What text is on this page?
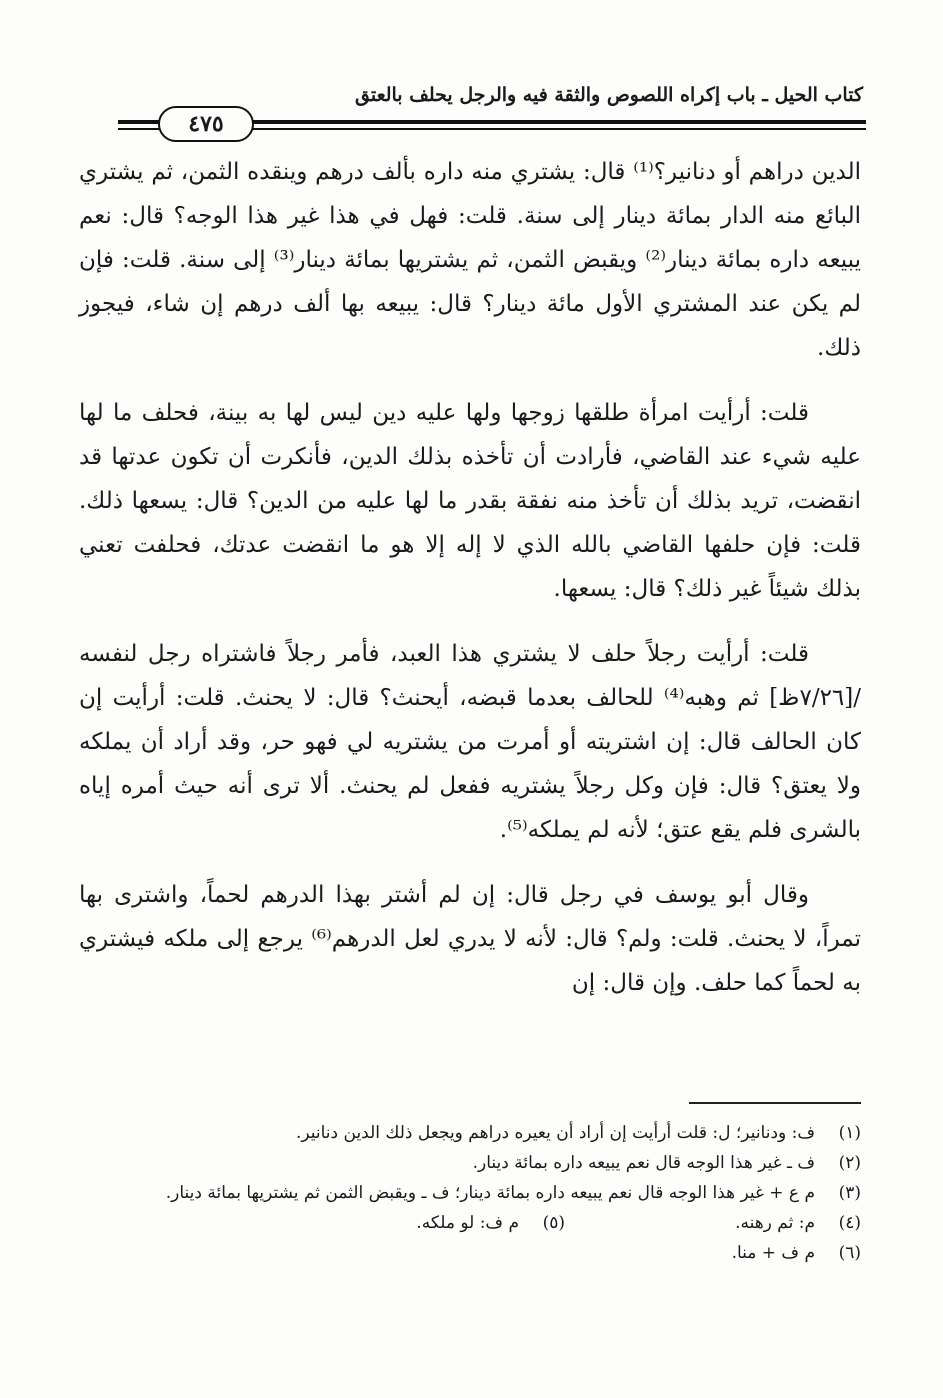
كتاب الحيل ـ باب إكراه اللصوص والثقة فيه والرجل يحلف بالعتق
٤٧٥

الدين دراهم أو دنانير؟⁽¹⁾ قال: يشتري منه داره بألف درهم وينقده الثمن، ثم يشتري البائع منه الدار بمائة دينار إلى سنة. قلت: فهل في هذا غير هذا الوجه؟ قال: نعم يبيعه داره بمائة دينار⁽²⁾ ويقبض الثمن، ثم يشتريها بمائة دينار⁽³⁾ إلى سنة. قلت: فإن لم يكن عند المشتري الأول مائة دينار؟ قال: يبيعه بها ألف درهم إن شاء، فيجوز ذلك.

قلت: أرأيت امرأة طلقها زوجها ولها عليه دين ليس لها به بينة، فحلف ما لها عليه شيء عند القاضي، فأرادت أن تأخذه بذلك الدين، فأنكرت أن تكون عدتها قد انقضت، تريد بذلك أن تأخذ منه نفقة بقدر ما لها عليه من الدين؟ قال: يسعها ذلك. قلت: فإن حلفها القاضي بالله الذي لا إله إلا هو ما انقضت عدتك، فحلفت تعني بذلك شيئاً غير ذلك؟ قال: يسعها.

قلت: أرأيت رجلاً حلف لا يشتري هذا العبد، فأمر رجلاً فاشتراه رجل لنفسه /[٧/٢٦ظ] ثم وهبه⁽⁴⁾ للحالف بعدما قبضه، أيحنث؟ قال: لا يحنث. قلت: أرأيت إن كان الحالف قال: إن اشتريته أو أمرت من يشتريه لي فهو حر، وقد أراد أن يملكه ولا يعتق؟ قال: فإن وكل رجلاً يشتريه ففعل لم يحنث. ألا ترى أنه حيث أمره إياه بالشرى فلم يقع عتق؛ لأنه لم يملكه⁽⁵⁾.

وقال أبو يوسف في رجل قال: إن لم أشتر بهذا الدرهم لحماً، واشترى بها تمراً، لا يحنث. قلت: ولم؟ قال: لأنه لا يدري لعل الدرهم⁽⁶⁾ يرجع إلى ملكه فيشتري به لحماً كما حلف. وإن قال: إن

(١)
ف: ودنانير؛ ل: قلت أرأيت إن أراد أن يعيره دراهم ويجعل ذلك الدين دنانير.
(٢)
ف ـ غير هذا الوجه قال نعم يبيعه داره بمائة دينار.
(٣)
م ع + غير هذا الوجه قال نعم يبيعه داره بمائة دينار؛ ف ـ ويقبض الثمن ثم يشتريها بمائة دينار.
(٤)
م: ثم رهنه.
(٥)
م ف: لو ملكه.
(٦)
م ف + منا.
